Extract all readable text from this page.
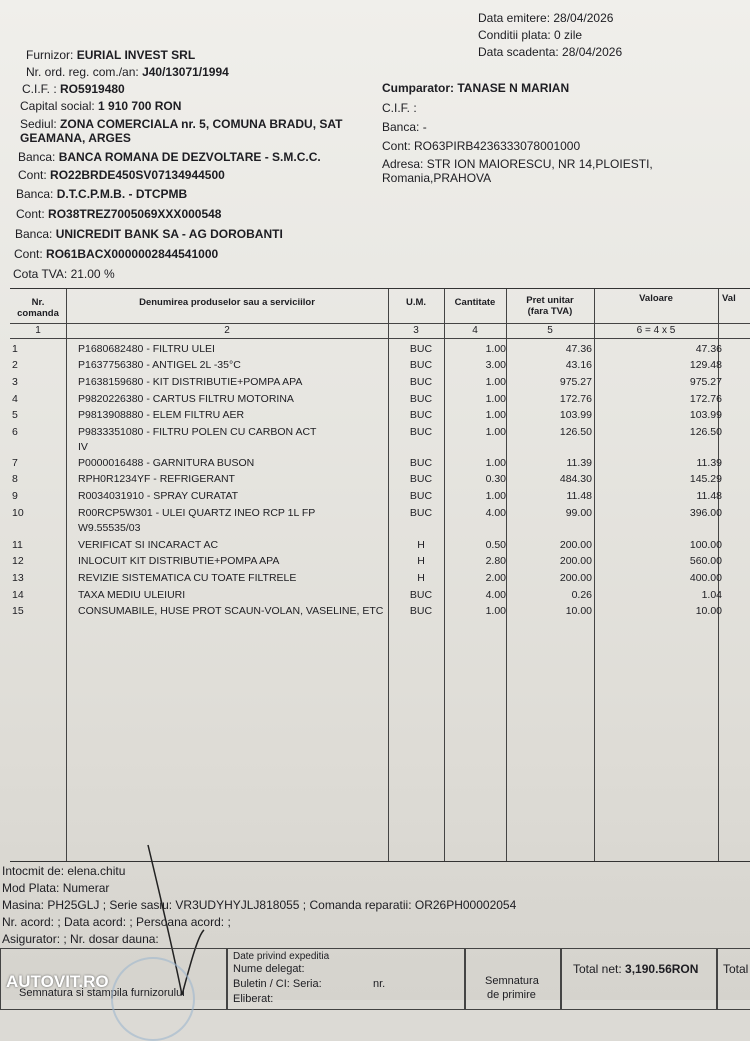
Data emitere: 28/04/2026
Conditii plata: 0 zile
Data scadenta: 28/04/2026
Furnizor: EURIAL INVEST SRL
Nr. ord. reg. com./an: J40/13071/1994
C.I.F. : RO5919480
Capital social: 1 910 700 RON
Sediul: ZONA COMERCIALA nr. 5, COMUNA BRADU, SAT
GEAMANA, ARGES
Banca: BANCA ROMANA DE DEZVOLTARE - S.M.C.C.
Cont: RO22BRDE450SV07134944500
Banca: D.T.C.P.M.B. - DTCPMB
Cont: RO38TREZ7005069XXX000548
Banca: UNICREDIT BANK SA - AG DOROBANTI
Cont: RO61BACX0000002844541000
Cota TVA: 21.00 %
Cumparator: TANASE N MARIAN
C.I.F. :
Banca: -
Cont: RO63PIRB4236333078001000
Adresa: STR ION MAIORESCU, NR 14,PLOIESTI,
Romania,PRAHOVA
Nr.
comanda
Denumirea produselor sau a serviciilor	U.M.	Cantitate	Pret unitar
(fara TVA)
Valoare	Val
1	2	3	4	5	6 = 4 x 5
1	P1680682480 - FILTRU ULEI	BUC	1.00	47.36	47.36
2	P1637756380 - ANTIGEL 2L -35°C	BUC	3.00	43.16	129.48
3	P1638159680 - KIT DISTRIBUTIE+POMPA APA	BUC	1.00	975.27	975.27
4	P9820226380 - CARTUS FILTRU MOTORINA	BUC	1.00	172.76	172.76
5	P9813908880 - ELEM FILTRU AER	BUC	1.00	103.99	103.99
6	P9833351080 - FILTRU POLEN CU CARBON ACT	BUC	1.00	126.50	126.50
IV
7	P0000016488 - GARNITURA BUSON	BUC	1.00	11.39	11.39
8	RPH0R1234YF - REFRIGERANT	BUC	0.30	484.30	145.29
9	R0034031910 - SPRAY CURATAT	BUC	1.00	11.48	11.48
10	R00RCP5W301 - ULEI QUARTZ INEO RCP 1L FP	BUC	4.00	99.00	396.00
W9.55535/03
11	VERIFICAT SI INCARACT AC	H	0.50	200.00	100.00
12	INLOCUIT KIT DISTRIBUTIE+POMPA APA	H	2.80	200.00	560.00
13	REVIZIE SISTEMATICA CU TOATE FILTRELE	H	2.00	200.00	400.00
14	TAXA MEDIU ULEIURI	BUC	4.00	0.26	1.04
15	CONSUMABILE, HUSE PROT SCAUN-VOLAN, VASELINE, ETC	BUC	1.00	10.00	10.00
Intocmit de: elena.chitu
Mod Plata: Numerar
Masina: PH25GLJ ; Serie sasiu: VR3UDYHYJLJ818055 ; Comanda reparatii: OR26PH00002054
Nr. acord: ; Data acord: ; Persoana acord: ;
Asigurator: ; Nr. dosar dauna:
Semnatura si stampila furnizorului
Date privind expeditia
Nume delegat:
Buletin / CI: Seria:	nr.
Eliberat:
Semnatura
de primire
Total net: 3,190.56RON Total
AUTOVIT.RO
